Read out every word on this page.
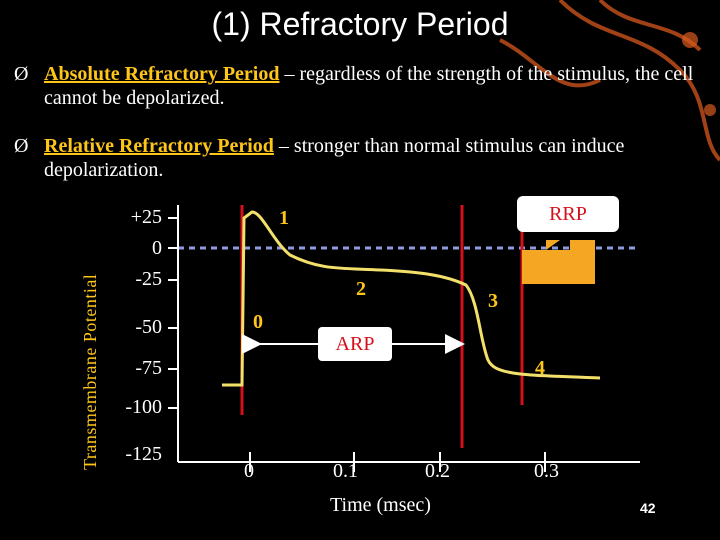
(1) Refractory Period
Ø Absolute Refractory Period – regardless of the strength of the stimulus, the cell cannot be depolarized.
Ø Relative Refractory Period – stronger than normal stimulus can induce depolarization.
Transmembrane Potential
+25
0
-25
-50
-75
-100
-125
1
2
3
0
4
RRP
ARP
0	0.1	0.2	0.3
Time (msec)	42
